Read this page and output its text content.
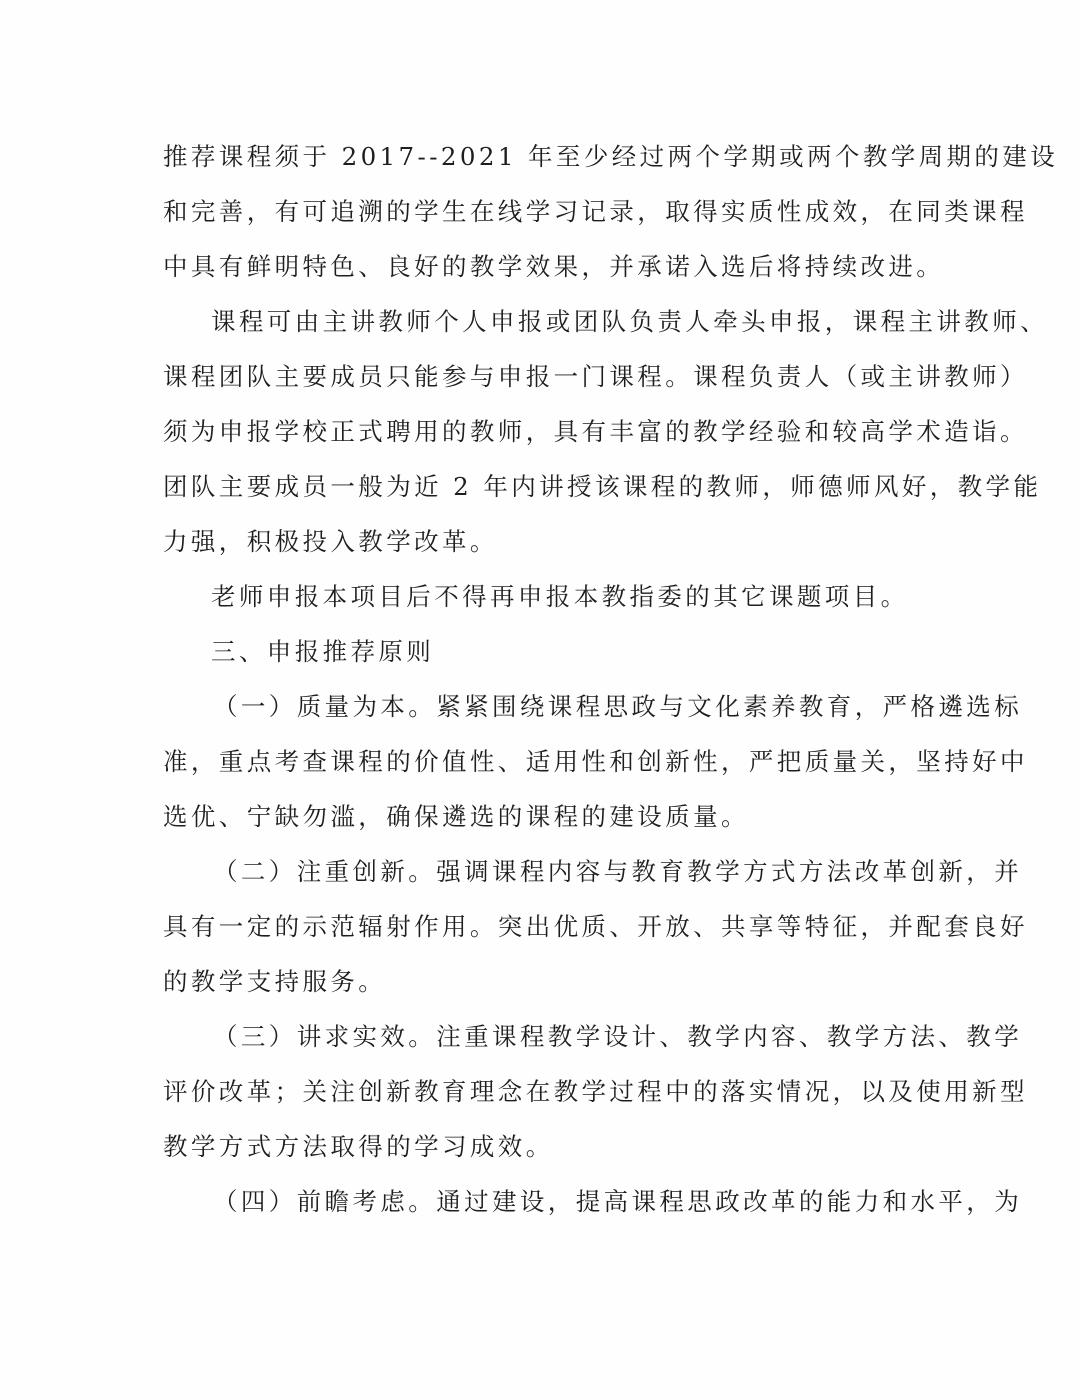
推荐课程须于 2017--2021 年至少经过两个学期或两个教学周期的建设
和完善，有可追溯的学生在线学习记录，取得实质性成效，在同类课程
中具有鲜明特色、良好的教学效果，并承诺入选后将持续改进。
课程可由主讲教师个人申报或团队负责人牵头申报，课程主讲教师、
课程团队主要成员只能参与申报一门课程。课程负责人（或主讲教师）
须为申报学校正式聘用的教师，具有丰富的教学经验和较高学术造诣。
团队主要成员一般为近 2 年内讲授该课程的教师，师德师风好，教学能
力强，积极投入教学改革。
老师申报本项目后不得再申报本教指委的其它课题项目。
三、申报推荐原则
（一）质量为本。紧紧围绕课程思政与文化素养教育，严格遴选标
准，重点考查课程的价值性、适用性和创新性，严把质量关，坚持好中
选优、宁缺勿滥，确保遴选的课程的建设质量。
（二）注重创新。强调课程内容与教育教学方式方法改革创新，并
具有一定的示范辐射作用。突出优质、开放、共享等特征，并配套良好
的教学支持服务。
（三）讲求实效。注重课程教学设计、教学内容、教学方法、教学
评价改革；关注创新教育理念在教学过程中的落实情况，以及使用新型
教学方式方法取得的学习成效。
（四）前瞻考虑。通过建设，提高课程思政改革的能力和水平，为
